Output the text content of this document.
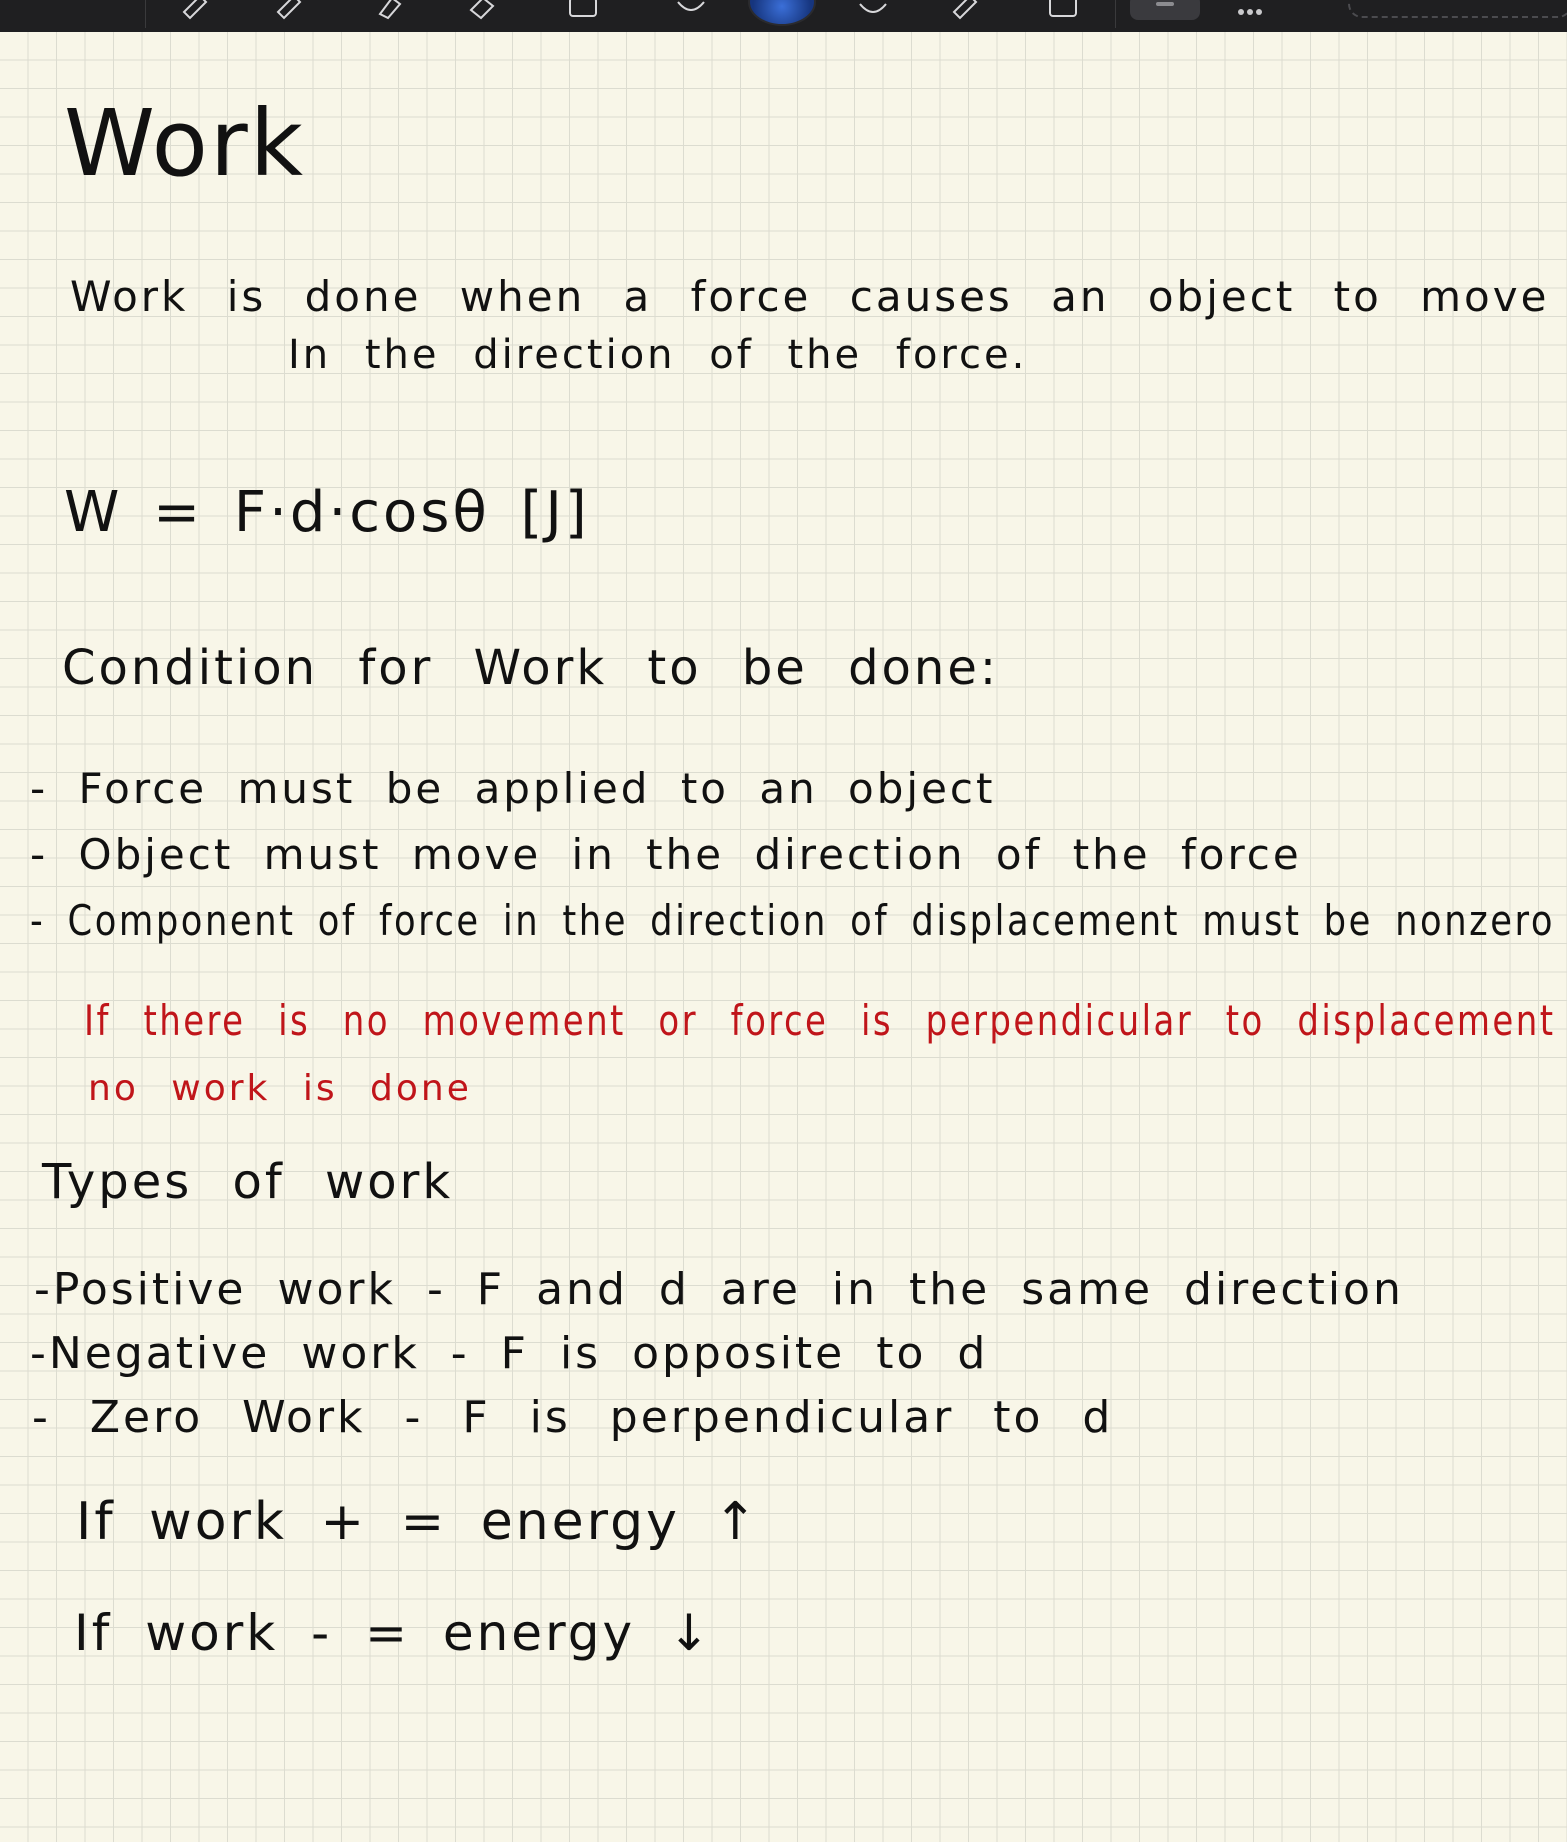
Work
Work is done when a force causes an object to move
In the direction of the force.
W = F·d·cosθ [J]
Condition for Work to be done:
- Force must be applied to an object
- Object must move in the direction of the force
- Component of force in the direction of displacement must be nonzero
If there is no movement or force is perpendicular to displacement
no work is done
Types of work
-Positive work - F and d are in the same direction
-Negative work - F is opposite to d
- Zero Work - F is perpendicular to d
If work + = energy ↑
If work - = energy ↓
